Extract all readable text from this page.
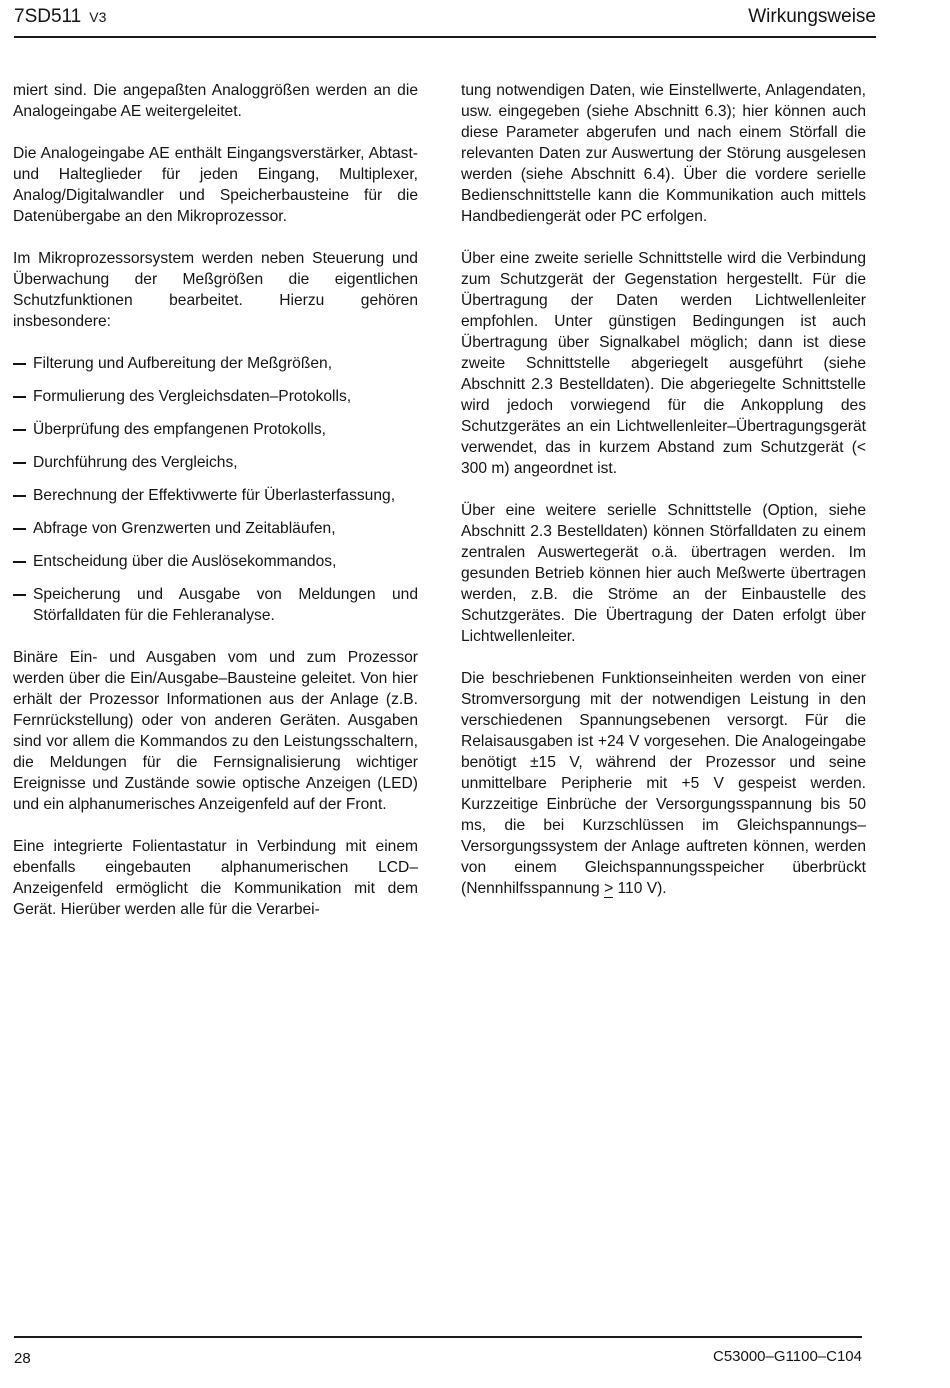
7SD511 V3	Wirkungsweise

miert sind. Die angepaßten Analoggrößen werden an die Analogeingabe AE weitergeleitet.

Die Analogeingabe AE enthält Eingangsverstärker, Abtast- und Halteglieder für jeden Eingang, Multiplexer, Analog/Digitalwandler und Speicherbausteine für die Datenübergabe an den Mikroprozessor.

Im Mikroprozessorsystem werden neben Steuerung und Überwachung der Meßgrößen die eigentlichen Schutzfunktionen bearbeitet. Hierzu gehören insbesondere:

Filterung und Aufbereitung der Meßgrößen,
Formulierung des Vergleichsdaten–Protokolls,
Überprüfung des empfangenen Protokolls,
Durchführung des Vergleichs,
Berechnung der Effektivwerte für Überlasterfassung,
Abfrage von Grenzwerten und Zeitabläufen,
Entscheidung über die Auslösekommandos,
Speicherung und Ausgabe von Meldungen und Störfalldaten für die Fehleranalyse.

Binäre Ein- und Ausgaben vom und zum Prozessor werden über die Ein/Ausgabe–Bausteine geleitet. Von hier erhält der Prozessor Informationen aus der Anlage (z.B. Fernrückstellung) oder von anderen Geräten. Ausgaben sind vor allem die Kommandos zu den Leistungsschaltern, die Meldungen für die Fernsignalisierung wichtiger Ereignisse und Zustände sowie optische Anzeigen (LED) und ein alphanumerisches Anzeigenfeld auf der Front.

Eine integrierte Folientastatur in Verbindung mit einem ebenfalls eingebauten alphanumerischen LCD–Anzeigenfeld ermöglicht die Kommunikation mit dem Gerät. Hierüber werden alle für die Verarbei-

tung notwendigen Daten, wie Einstellwerte, Anlagendaten, usw. eingegeben (siehe Abschnitt 6.3); hier können auch diese Parameter abgerufen und nach einem Störfall die relevanten Daten zur Auswertung der Störung ausgelesen werden (siehe Abschnitt 6.4). Über die vordere serielle Bedienschnittstelle kann die Kommunikation auch mittels Handbediengerät oder PC erfolgen.

Über eine zweite serielle Schnittstelle wird die Verbindung zum Schutzgerät der Gegenstation hergestellt. Für die Übertragung der Daten werden Lichtwellenleiter empfohlen. Unter günstigen Bedingungen ist auch Übertragung über Signalkabel möglich; dann ist diese zweite Schnittstelle abgeriegelt ausgeführt (siehe Abschnitt 2.3 Bestelldaten). Die abgeriegelte Schnittstelle wird jedoch vorwiegend für die Ankopplung des Schutzgerätes an ein Lichtwellenleiter–Übertragungsgerät verwendet, das in kurzem Abstand zum Schutzgerät (< 300 m) angeordnet ist.

Über eine weitere serielle Schnittstelle (Option, siehe Abschnitt 2.3 Bestelldaten) können Störfalldaten zu einem zentralen Auswertegerät o.ä. übertragen werden. Im gesunden Betrieb können hier auch Meßwerte übertragen werden, z.B. die Ströme an der Einbaustelle des Schutzgerätes. Die Übertragung der Daten erfolgt über Lichtwellenleiter.

Die beschriebenen Funktionseinheiten werden von einer Stromversorgung mit der notwendigen Leistung in den verschiedenen Spannungsebenen versorgt. Für die Relaisausgaben ist +24 V vorgesehen. Die Analogeingabe benötigt ±15 V, während der Prozessor und seine unmittelbare Peripherie mit +5 V gespeist werden. Kurzzeitige Einbrüche der Versorgungsspannung bis 50 ms, die bei Kurzschlüssen im Gleichspannungs–Versorgungssystem der Anlage auftreten können, werden von einem Gleichspannungsspeicher überbrückt (Nennhilfsspannung > 110 V).

28	C53000–G1100–C104
